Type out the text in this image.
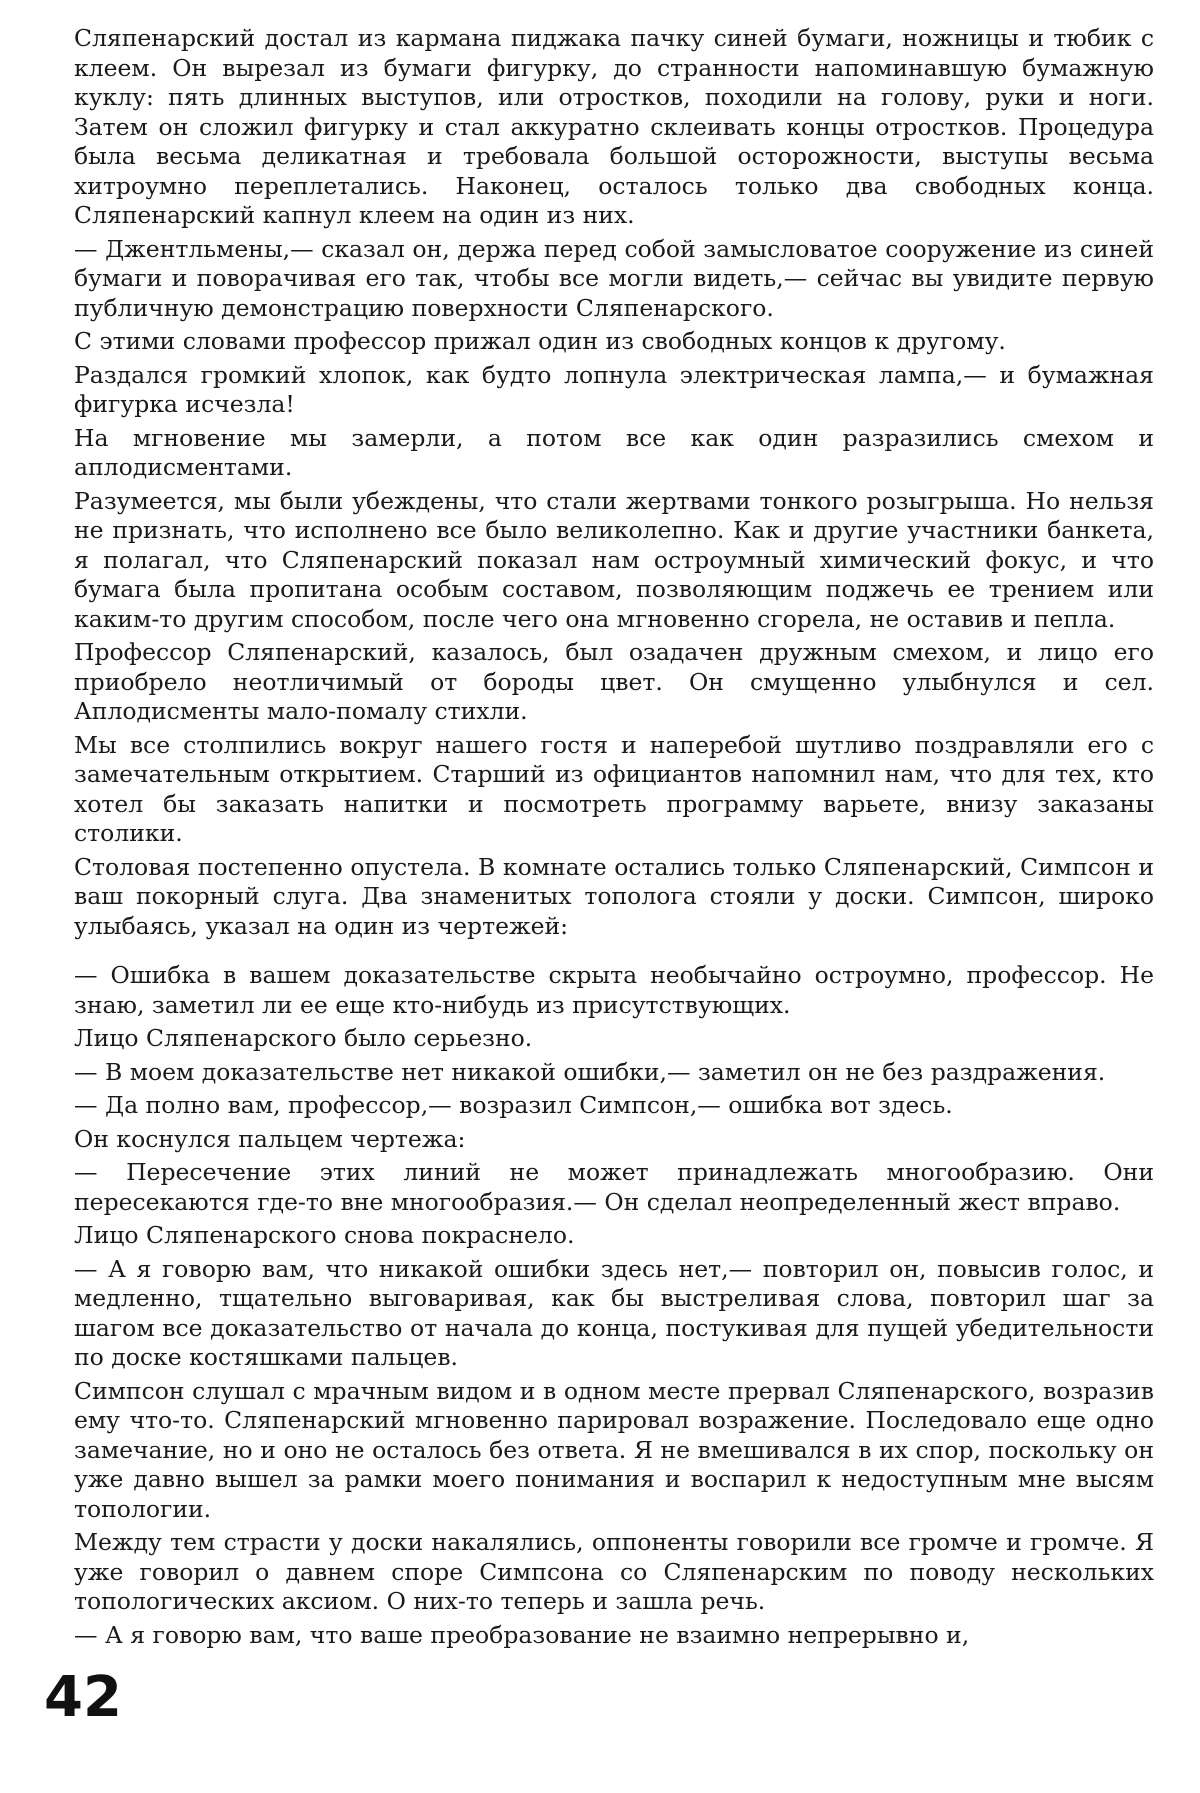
Сляпенарский достал из кармана пиджака пачку синей бумаги, ножницы и тюбик с клеем. Он вырезал из бумаги фигурку, до странности напоминавшую бумажную куклу: пять длинных выступов, или отростков, походили на голову, руки и ноги. Затем он сложил фигурку и стал аккуратно склеивать концы отростков. Процедура была весьма деликатная и требовала большой осторожности, выступы весьма хитроумно переплетались. Наконец, осталось только два свободных конца. Сляпенарский капнул клеем на один из них.

— Джентльмены,— сказал он, держа перед собой замысловатое сооружение из синей бумаги и поворачивая его так, чтобы все могли видеть,— сейчас вы увидите первую публичную демонстрацию поверхности Сляпенарского.

С этими словами профессор прижал один из свободных концов к другому.

Раздался громкий хлопок, как будто лопнула электрическая лампа,— и бумажная фигурка исчезла!

На мгновение мы замерли, а потом все как один разразились смехом и аплодисментами.

Разумеется, мы были убеждены, что стали жертвами тонкого розыгрыша. Но нельзя не признать, что исполнено все было великолепно. Как и другие участники банкета, я полагал, что Сляпенарский показал нам остроумный химический фокус, и что бумага была пропитана особым составом, позволяющим поджечь ее трением или каким-то другим способом, после чего она мгновенно сгорела, не оставив и пепла.

Профессор Сляпенарский, казалось, был озадачен дружным смехом, и лицо его приобрело неотличимый от бороды цвет. Он смущенно улыбнулся и сел. Аплодисменты мало-помалу стихли.

Мы все столпились вокруг нашего гостя и наперебой шутливо поздравляли его с замечательным открытием. Старший из официантов напомнил нам, что для тех, кто хотел бы заказать напитки и посмотреть программу варьете, внизу заказаны столики.

Столовая постепенно опустела. В комнате остались только Сляпенарский, Симпсон и ваш покорный слуга. Два знаменитых тополога стояли у доски. Симпсон, широко улыбаясь, указал на один из чертежей:

— Ошибка в вашем доказательстве скрыта необычайно остроумно, профессор. Не знаю, заметил ли ее еще кто-нибудь из присутствующих.

Лицо Сляпенарского было серьезно.

— В моем доказательстве нет никакой ошибки,— заметил он не без раздражения.

— Да полно вам, профессор,— возразил Симпсон,— ошибка вот здесь.

Он коснулся пальцем чертежа:

— Пересечение этих линий не может принадлежать многообразию. Они пересекаются где-то вне многообразия.— Он сделал неопределенный жест вправо.

Лицо Сляпенарского снова покраснело.

— А я говорю вам, что никакой ошибки здесь нет,— повторил он, повысив голос, и медленно, тщательно выговаривая, как бы выстреливая слова, повторил шаг за шагом все доказательство от начала до конца, постукивая для пущей убедительности по доске костяшками пальцев.

Симпсон слушал с мрачным видом и в одном месте прервал Сляпенарского, возразив ему что-то. Сляпенарский мгновенно парировал возражение. Последовало еще одно замечание, но и оно не осталось без ответа. Я не вмешивался в их спор, поскольку он уже давно вышел за рамки моего понимания и воспарил к недоступным мне высям топологии.

Между тем страсти у доски накалялись, оппоненты говорили все громче и громче. Я уже говорил о давнем споре Симпсона со Сляпенарским по поводу нескольких топологических аксиом. О них-то теперь и зашла речь.

— А я говорю вам, что ваше преобразование не взаимно непрерывно и,

42
